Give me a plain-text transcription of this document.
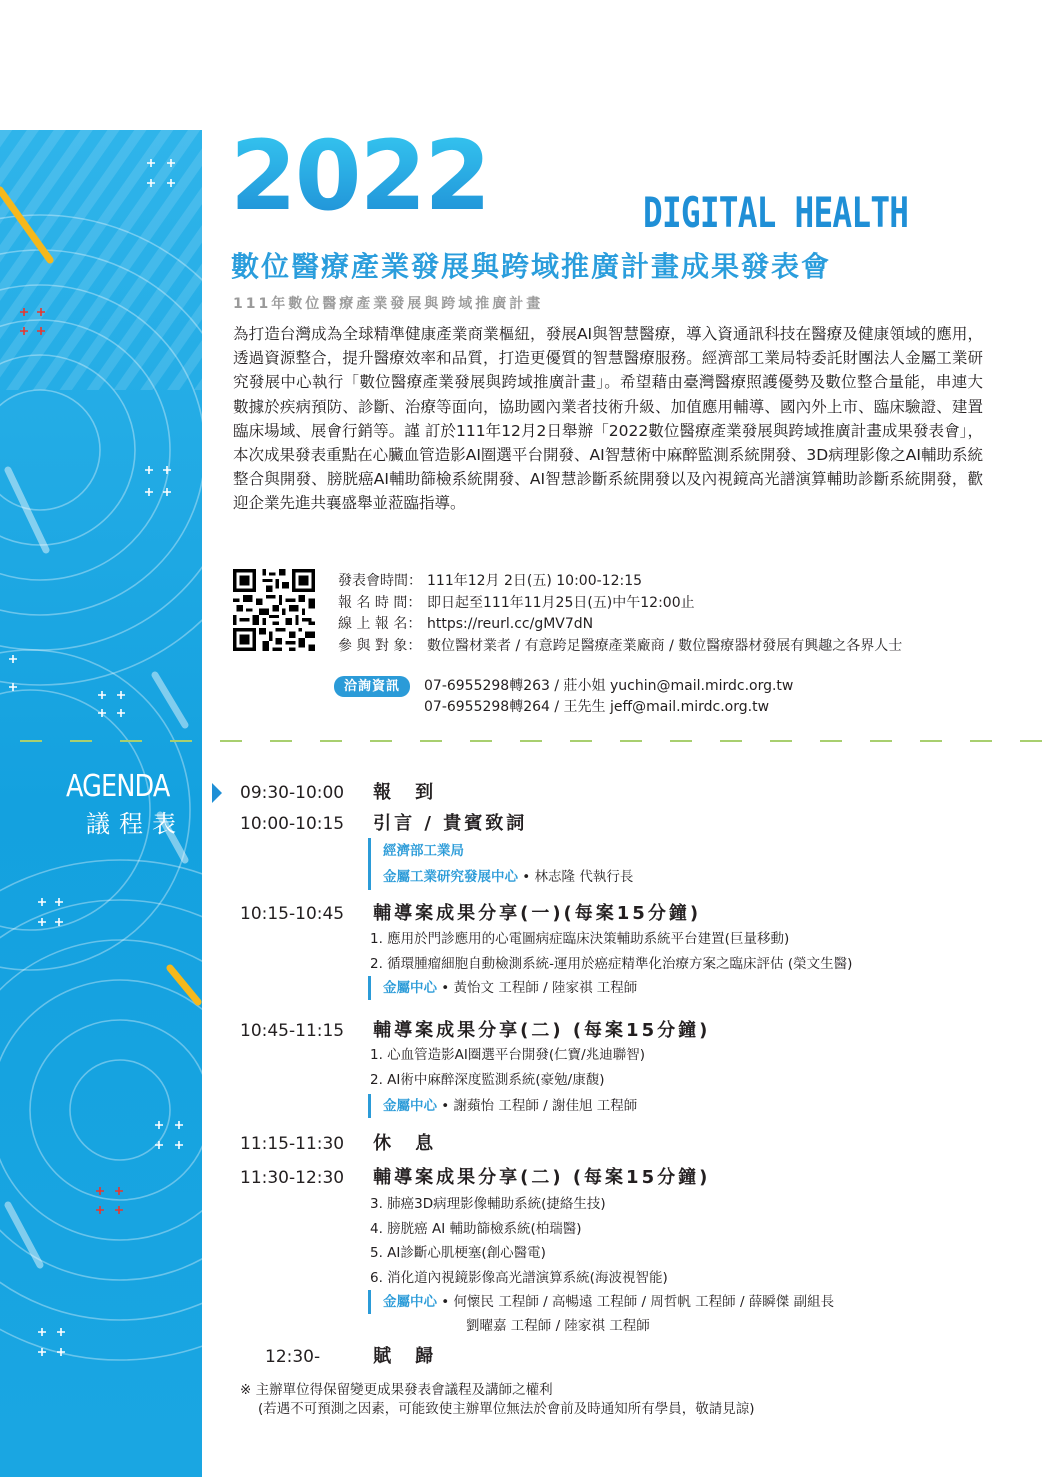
2022	DIGITAL HEALTH
數位醫療產業發展與跨域推廣計畫成果發表會
111年數位醫療產業發展與跨域推廣計畫

為打造台灣成為全球精準健康產業商業樞紐，發展AI與智慧醫療，導入資通訊科技在醫療及健康領域的應用，透過資源整合，提升醫療效率和品質，打造更優質的智慧醫療服務。經濟部工業局特委託財團法人金屬工業研究發展中心執行「數位醫療產業發展與跨域推廣計畫」。希望藉由臺灣醫療照護優勢及數位整合量能，串連大數據於疾病預防、診斷、治療等面向，協助國內業者技術升級、加值應用輔導、國內外上市、臨床驗證、建置臨床場域、展會行銷等。謹 訂於111年12月2日舉辦「2022數位醫療產業發展與跨域推廣計畫成果發表會」，本次成果發表重點在心臟血管造影AI圈選平台開發、AI智慧術中麻醉監測系統開發、3D病理影像之AI輔助系統整合與開發、膀胱癌AI輔助篩檢系統開發、AI智慧診斷系統開發以及內視鏡高光譜演算輔助診斷系統開發，歡迎企業先進共襄盛舉並蒞臨指導。

發表會時間： 111年12月 2日(五) 10:00-12:15
報 名 時 間： 即日起至111年11月25日(五)中午12:00止
線 上 報 名： https://reurl.cc/gMV7dN
參 與 對 象： 數位醫材業者 / 有意跨足醫療產業廠商 / 數位醫療器材發展有興趣之各界人士
洽詢資訊	07-6955298轉263 / 莊小姐 yuchin@mail.mirdc.org.tw
07-6955298轉264 / 王先生 jeff@mail.mirdc.org.tw
AGENDA
議程表
09:30-10:00 報　到
10:00-10:15 引言 / 貴賓致詞
經濟部工業局
金屬工業研究發展中心 • 林志隆 代執行長
10:15-10:45 輔導案成果分享(一)(每案15分鐘)
1. 應用於門診應用的心電圖病症臨床決策輔助系統平台建置(巨量移動)
2. 循環腫瘤細胞自動檢測系統-運用於癌症精準化治療方案之臨床評估 (榮文生醫)
金屬中心 • 黃怡文 工程師 / 陸家祺 工程師
10:45-11:15 輔導案成果分享(二) (每案15分鐘)
1. 心血管造影AI圈選平台開發(仁寶/兆迪聯智)
2. AI術中麻醉深度監測系統(豪勉/康馥)
金屬中心 • 謝蘋怡 工程師 / 謝佳旭 工程師
11:15-11:30 休　息
11:30-12:30 輔導案成果分享(二) (每案15分鐘)
3. 肺癌3D病理影像輔助系統(捷絡生技)
4. 膀胱癌 AI 輔助篩檢系統(柏瑞醫)
5. AI診斷心肌梗塞(創心醫電)
6. 消化道內視鏡影像高光譜演算系統(海波視智能)
金屬中心 • 何懷民 工程師 / 高暢遠 工程師 / 周哲帆 工程師 / 薛瞬傑 副組長
劉曜嘉 工程師 / 陸家祺 工程師
12:30-	賦　歸
※ 主辦單位得保留變更成果發表會議程及講師之權利
(若遇不可預測之因素，可能致使主辦單位無法於會前及時通知所有學員，敬請見諒)
